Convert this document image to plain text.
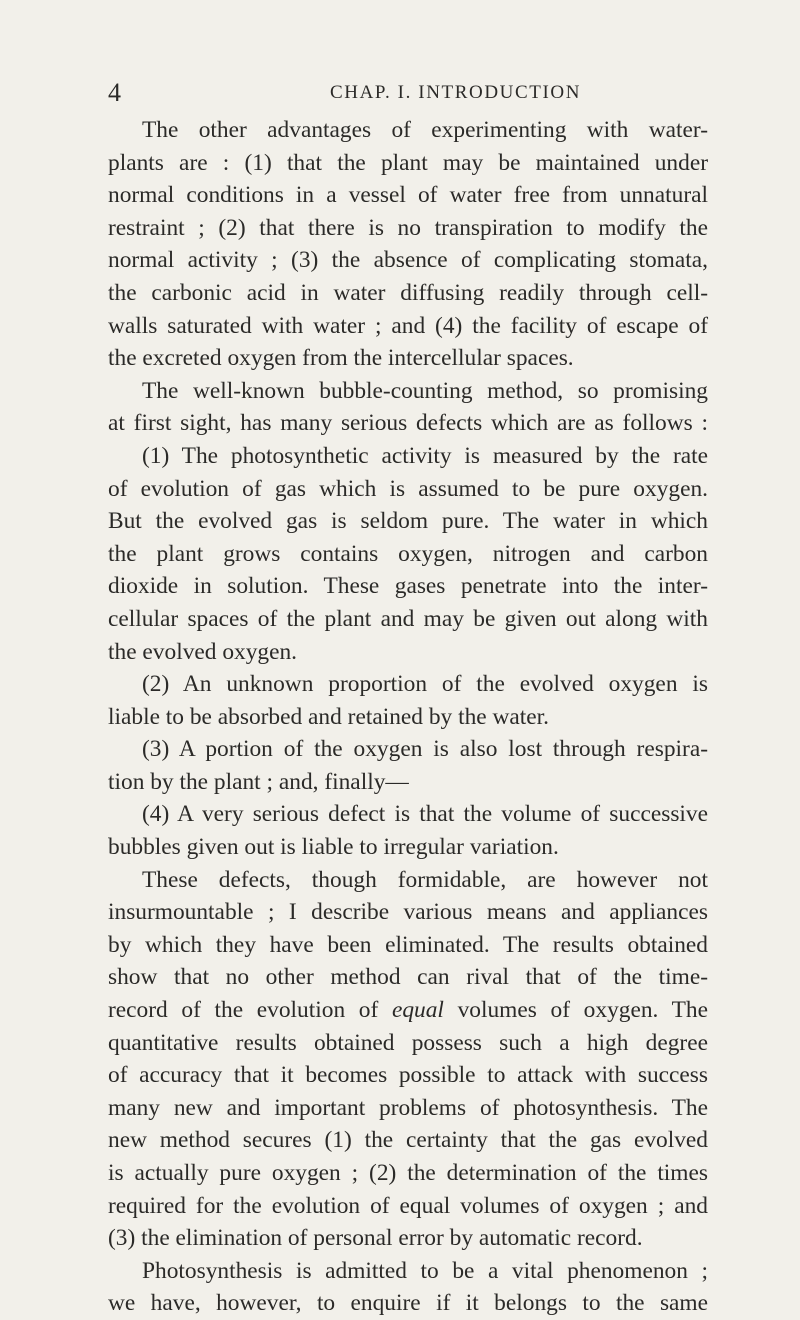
4	CHAP. I. INTRODUCTION
The other advantages of experimenting with water-
plants are : (1) that the plant may be maintained under
normal conditions in a vessel of water free from unnatural
restraint ; (2) that there is no transpiration to modify the
normal activity ; (3) the absence of complicating stomata,
the carbonic acid in water diffusing readily through cell-
walls saturated with water ; and (4) the facility of escape of
the excreted oxygen from the intercellular spaces.
The well-known bubble-counting method, so promising
at first sight, has many serious defects which are as follows :
(1) The photosynthetic activity is measured by the rate
of evolution of gas which is assumed to be pure oxygen.
But the evolved gas is seldom pure. The water in which
the plant grows contains oxygen, nitrogen and carbon
dioxide in solution. These gases penetrate into the inter-
cellular spaces of the plant and may be given out along with
the evolved oxygen.
(2) An unknown proportion of the evolved oxygen is
liable to be absorbed and retained by the water.
(3) A portion of the oxygen is also lost through respira-
tion by the plant ; and, finally—
(4) A very serious defect is that the volume of successive
bubbles given out is liable to irregular variation.
These defects, though formidable, are however not
insurmountable ; I describe various means and appliances
by which they have been eliminated. The results obtained
show that no other method can rival that of the time-
record of the evolution of equal volumes of oxygen. The
quantitative results obtained possess such a high degree
of accuracy that it becomes possible to attack with success
many new and important problems of photosynthesis. The
new method secures (1) the certainty that the gas evolved
is actually pure oxygen ; (2) the determination of the times
required for the evolution of equal volumes of oxygen ; and
(3) the elimination of personal error by automatic record.
Photosynthesis is admitted to be a vital phenomenon ;
we have, however, to enquire if it belongs to the same
